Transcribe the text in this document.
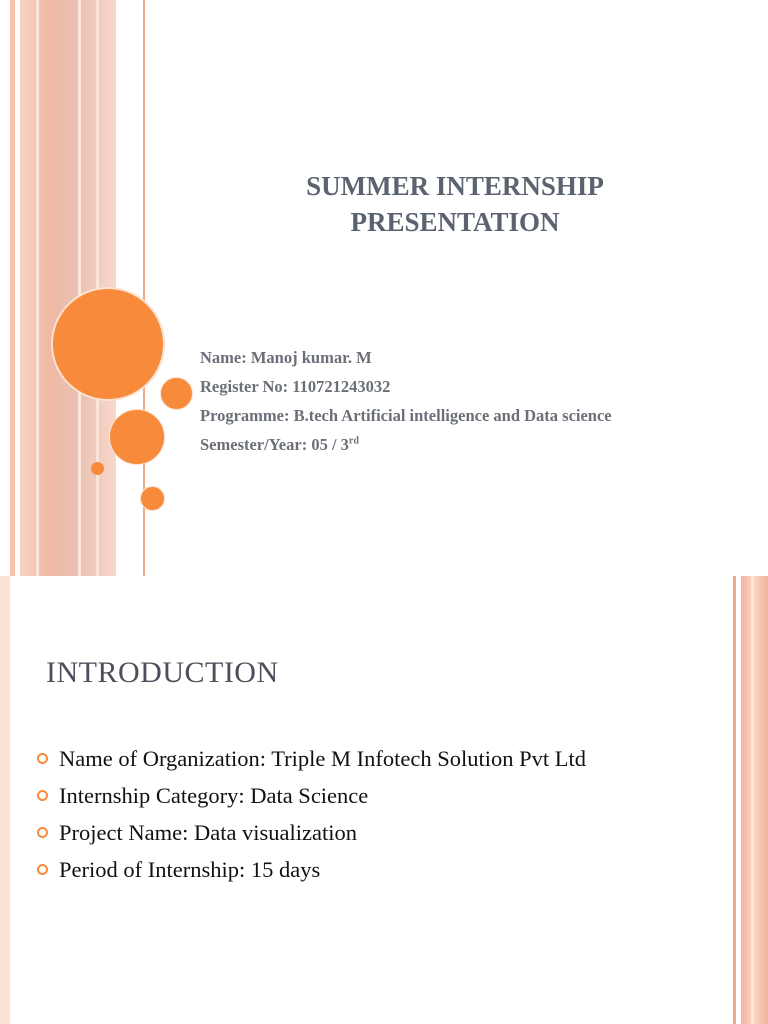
SUMMER INTERNSHIP
PRESENTATION
Name: Manoj kumar. M
Register No: 110721243032
Programme: B.tech Artificial intelligence and Data science
Semester/Year: 05 / 3rd
INTRODUCTION
Name of Organization: Triple M Infotech Solution Pvt Ltd
Internship Category: Data Science
Project Name: Data visualization
Period of Internship: 15 days
